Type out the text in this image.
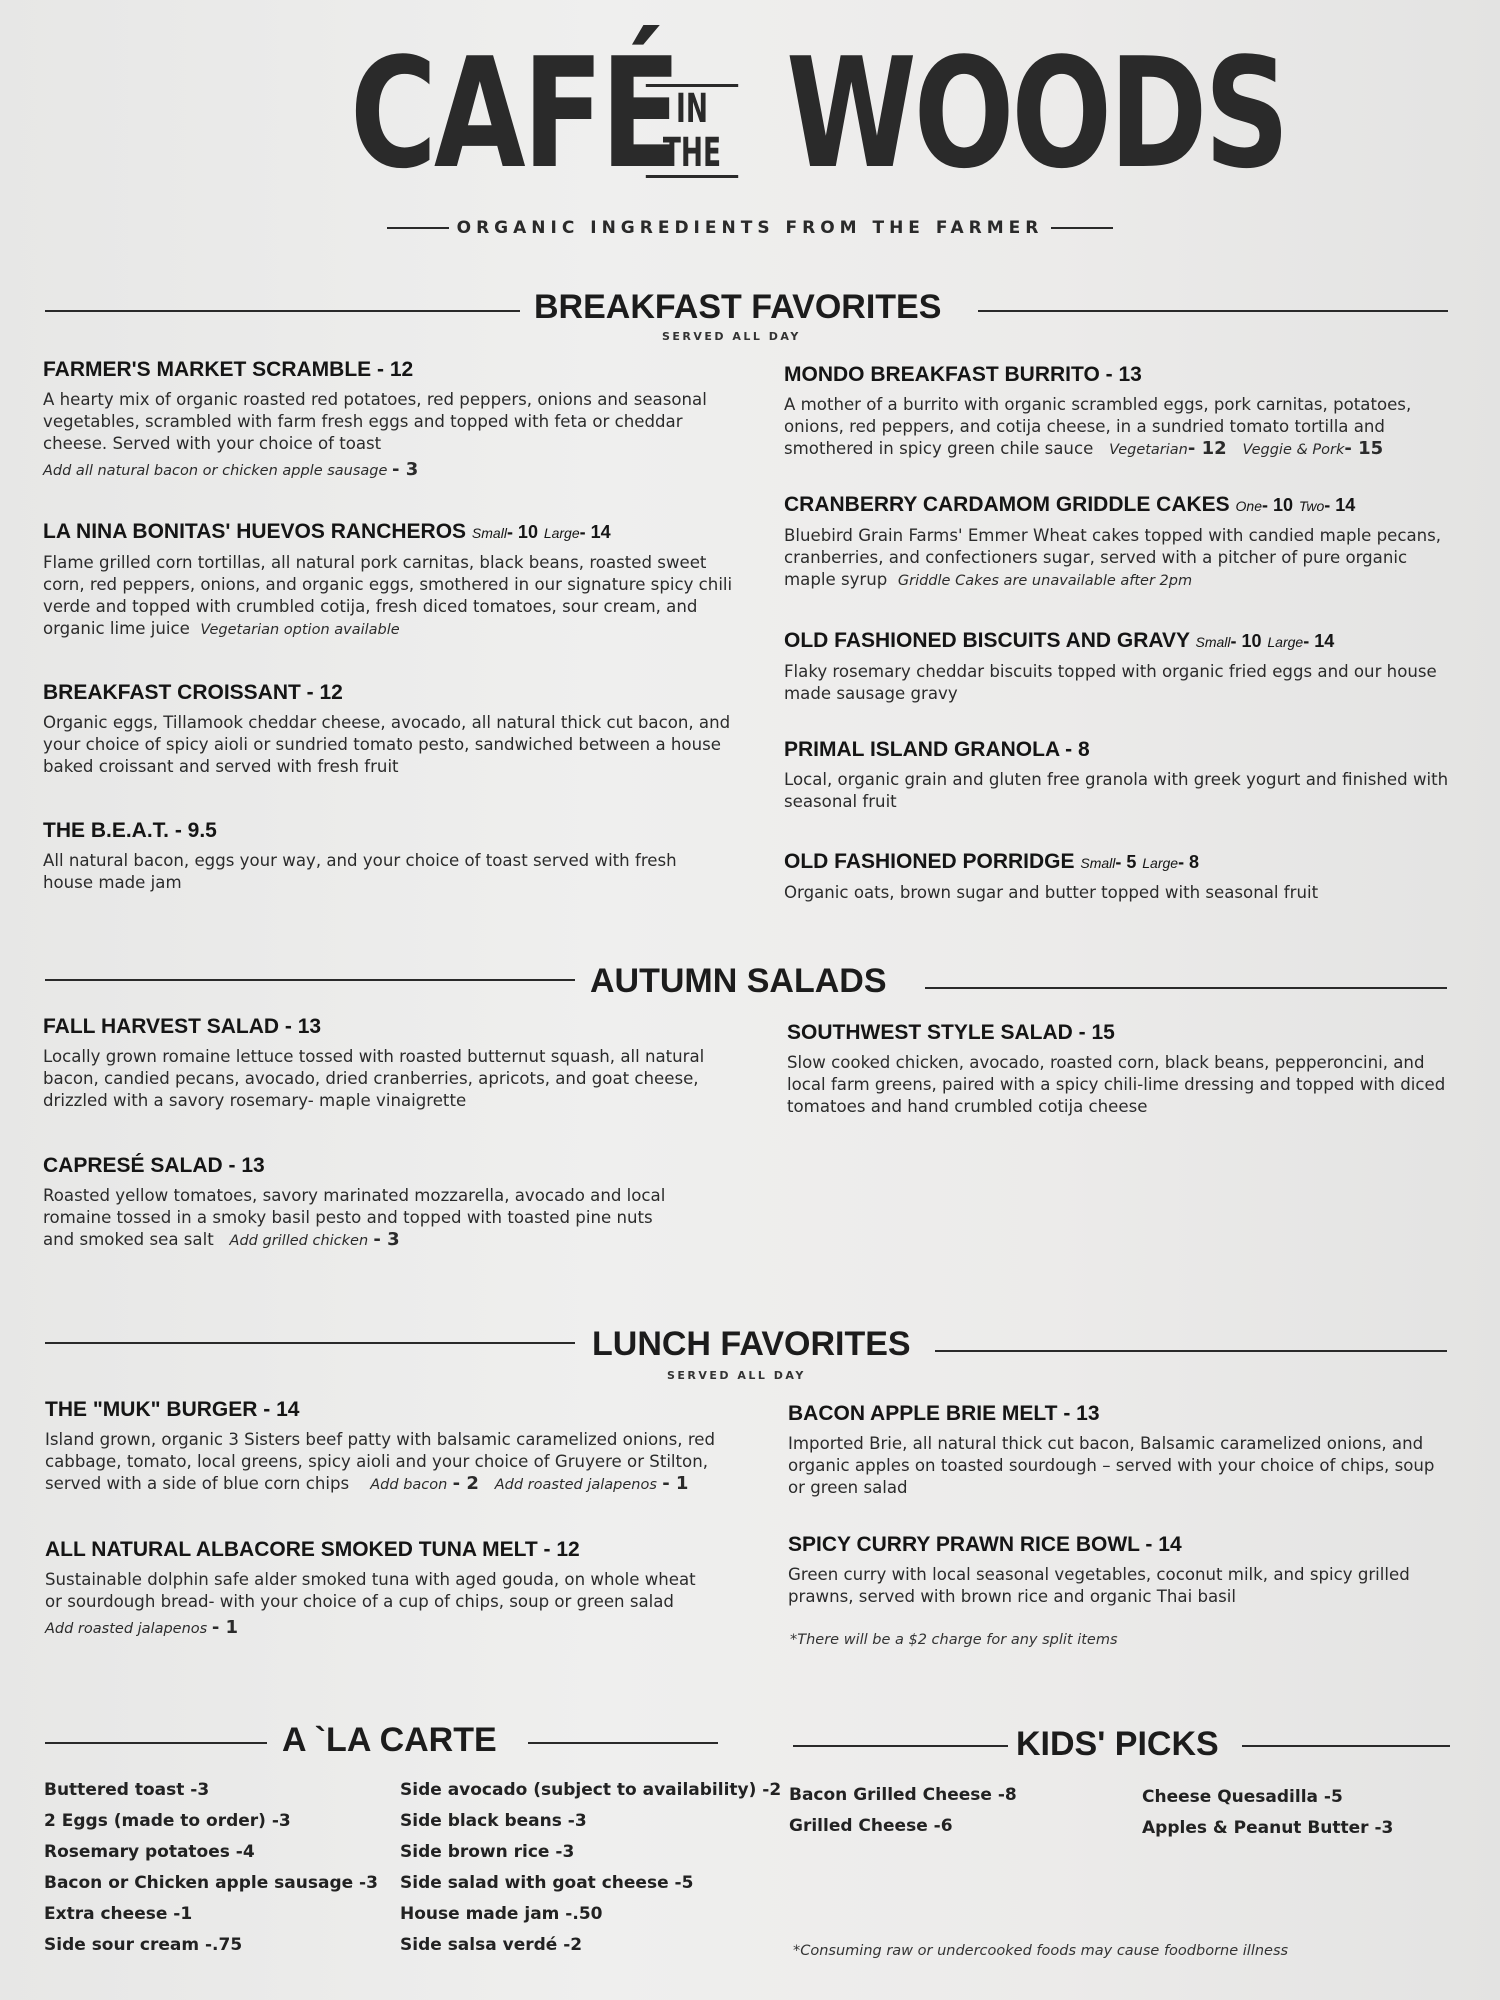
CAFÉ
IN THE WOODS
ORGANIC INGREDIENTS FROM THE FARMER
BREAKFAST FAVORITES
SERVED ALL DAY
FARMER'S MARKET SCRAMBLE - 12
A hearty mix of organic roasted red potatoes, red peppers, onions and seasonal vegetables, scrambled with farm fresh eggs and topped with feta or cheddar cheese. Served with your choice of toast
Add all natural bacon or chicken apple sausage - 3
LA NINA BONITAS' HUEVOS RANCHEROS Small- 10 Large- 14
Flame grilled corn tortillas, all natural pork carnitas, black beans, roasted sweet corn, red peppers, onions, and organic eggs, smothered in our signature spicy chili verde and topped with crumbled cotija, fresh diced tomatoes, sour cream, and organic lime juice Vegetarian option available
BREAKFAST CROISSANT - 12
Organic eggs, Tillamook cheddar cheese, avocado, all natural thick cut bacon, and your choice of spicy aioli or sundried tomato pesto, sandwiched between a house baked croissant and served with fresh fruit
THE B.E.A.T. - 9.5
All natural bacon, eggs your way, and your choice of toast served with fresh house made jam
MONDO BREAKFAST BURRITO - 13
A mother of a burrito with organic scrambled eggs, pork carnitas, potatoes, onions, red peppers, and cotija cheese, in a sundried tomato tortilla and smothered in spicy green chile sauce Vegetarian- 12 Veggie & Pork- 15
CRANBERRY CARDAMOM GRIDDLE CAKES One- 10 Two- 14
Bluebird Grain Farms' Emmer Wheat cakes topped with candied maple pecans, cranberries, and confectioners sugar, served with a pitcher of pure organic maple syrup Griddle Cakes are unavailable after 2pm
OLD FASHIONED BISCUITS AND GRAVY Small- 10 Large- 14
Flaky rosemary cheddar biscuits topped with organic fried eggs and our house made sausage gravy
PRIMAL ISLAND GRANOLA - 8
Local, organic grain and gluten free granola with greek yogurt and finished with seasonal fruit
OLD FASHIONED PORRIDGE Small- 5 Large- 8
Organic oats, brown sugar and butter topped with seasonal fruit
AUTUMN SALADS
FALL HARVEST SALAD - 13
Locally grown romaine lettuce tossed with roasted butternut squash, all natural bacon, candied pecans, avocado, dried cranberries, apricots, and goat cheese, drizzled with a savory rosemary- maple vinaigrette
CAPRESÉ SALAD - 13
Roasted yellow tomatoes, savory marinated mozzarella, avocado and local romaine tossed in a smoky basil pesto and topped with toasted pine nuts and smoked sea salt Add grilled chicken - 3
SOUTHWEST STYLE SALAD - 15
Slow cooked chicken, avocado, roasted corn, black beans, pepperoncini, and local farm greens, paired with a spicy chili-lime dressing and topped with diced tomatoes and hand crumbled cotija cheese
LUNCH FAVORITES
SERVED ALL DAY
THE "MUK" BURGER - 14
Island grown, organic 3 Sisters beef patty with balsamic caramelized onions, red cabbage, tomato, local greens, spicy aioli and your choice of Gruyere or Stilton, served with a side of blue corn chips Add bacon - 2 Add roasted jalapenos - 1
ALL NATURAL ALBACORE SMOKED TUNA MELT - 12
Sustainable dolphin safe alder smoked tuna with aged gouda, on whole wheat or sourdough bread- with your choice of a cup of chips, soup or green salad
Add roasted jalapenos - 1
BACON APPLE BRIE MELT - 13
Imported Brie, all natural thick cut bacon, Balsamic caramelized onions, and organic apples on toasted sourdough – served with your choice of chips, soup or green salad
SPICY CURRY PRAWN RICE BOWL - 14
Green curry with local seasonal vegetables, coconut milk, and spicy grilled prawns, served with brown rice and organic Thai basil
*There will be a $2 charge for any split items
A `LA CARTE
Buttered toast -3
2 Eggs (made to order) -3
Rosemary potatoes -4
Bacon or Chicken apple sausage -3
Extra cheese -1
Side sour cream -.75
Side avocado (subject to availability) -2
Side black beans -3
Side brown rice -3
Side salad with goat cheese -5
House made jam -.50
Side salsa verdé -2
KIDS' PICKS
Bacon Grilled Cheese -8
Grilled Cheese -6
Cheese Quesadilla -5
Apples & Peanut Butter -3
*Consuming raw or undercooked foods may cause foodborne illness
